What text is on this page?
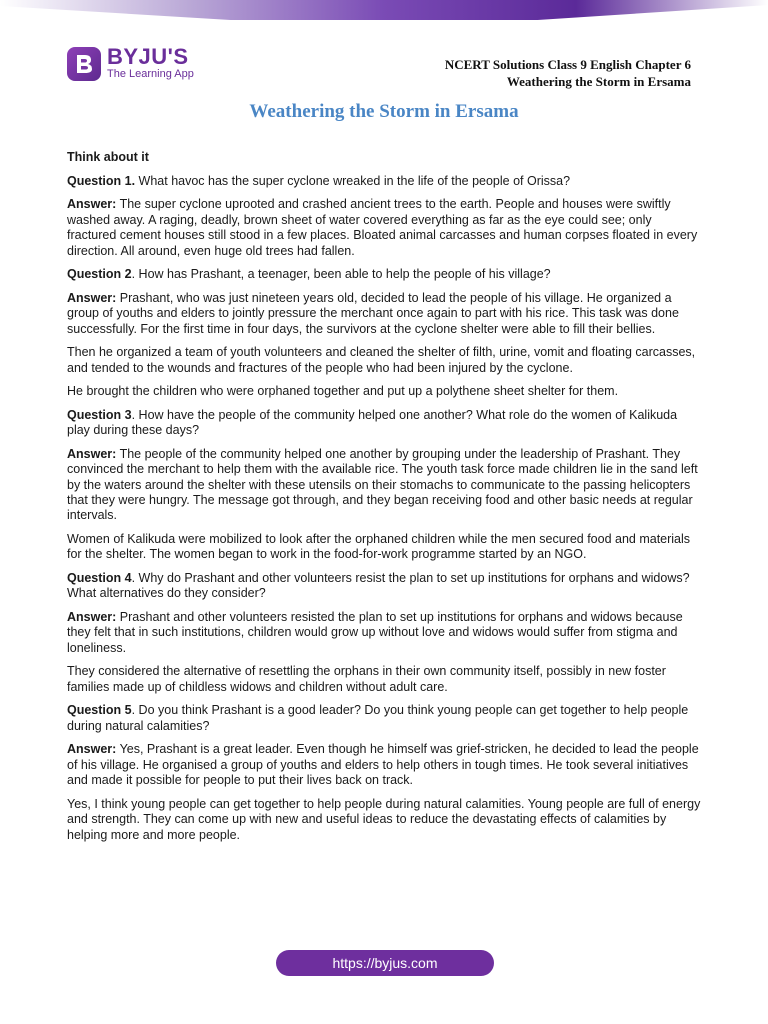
BYJU'S
The Learning App
NCERT Solutions Class 9 English Chapter 6
Weathering the Storm in Ersama
Weathering the Storm in Ersama

Think about it

Question 1. What havoc has the super cyclone wreaked in the life of the people of Orissa?

Answer: The super cyclone uprooted and crashed ancient trees to the earth. People and houses were swiftly washed away. A raging, deadly, brown sheet of water covered everything as far as the eye could see; only fractured cement houses still stood in a few places. Bloated animal carcasses and human corpses floated in every direction. All around, even huge old trees had fallen.

Question 2. How has Prashant, a teenager, been able to help the people of his village?

Answer: Prashant, who was just nineteen years old, decided to lead the people of his village. He organized a group of youths and elders to jointly pressure the merchant once again to part with his rice. This task was done successfully. For the first time in four days, the survivors at the cyclone shelter were able to fill their bellies.

Then he organized a team of youth volunteers and cleaned the shelter of filth, urine, vomit and floating carcasses, and tended to the wounds and fractures of the people who had been injured by the cyclone.

He brought the children who were orphaned together and put up a polythene sheet shelter for them.

Question 3. How have the people of the community helped one another? What role do the women of Kalikuda play during these days?

Answer: The people of the community helped one another by grouping under the leadership of Prashant. They convinced the merchant to help them with the available rice. The youth task force made children lie in the sand left by the waters around the shelter with these utensils on their stomachs to communicate to the passing helicopters that they were hungry. The message got through, and they began receiving food and other basic needs at regular intervals.

Women of Kalikuda were mobilized to look after the orphaned children while the men secured food and materials for the shelter. The women began to work in the food-for-work programme started by an NGO.

Question 4. Why do Prashant and other volunteers resist the plan to set up institutions for orphans and widows? What alternatives do they consider?

Answer: Prashant and other volunteers resisted the plan to set up institutions for orphans and widows because they felt that in such institutions, children would grow up without love and widows would suffer from stigma and loneliness.

They considered the alternative of resettling the orphans in their own community itself, possibly in new foster families made up of childless widows and children without adult care.

Question 5. Do you think Prashant is a good leader? Do you think young people can get together to help people during natural calamities?

Answer: Yes, Prashant is a great leader. Even though he himself was grief-stricken, he decided to lead the people of his village. He organised a group of youths and elders to help others in tough times. He took several initiatives and made it possible for people to put their lives back on track.

Yes, I think young people can get together to help people during natural calamities. Young people are full of energy and strength. They can come up with new and useful ideas to reduce the devastating effects of calamities by helping more and more people.

https://byjus.com
